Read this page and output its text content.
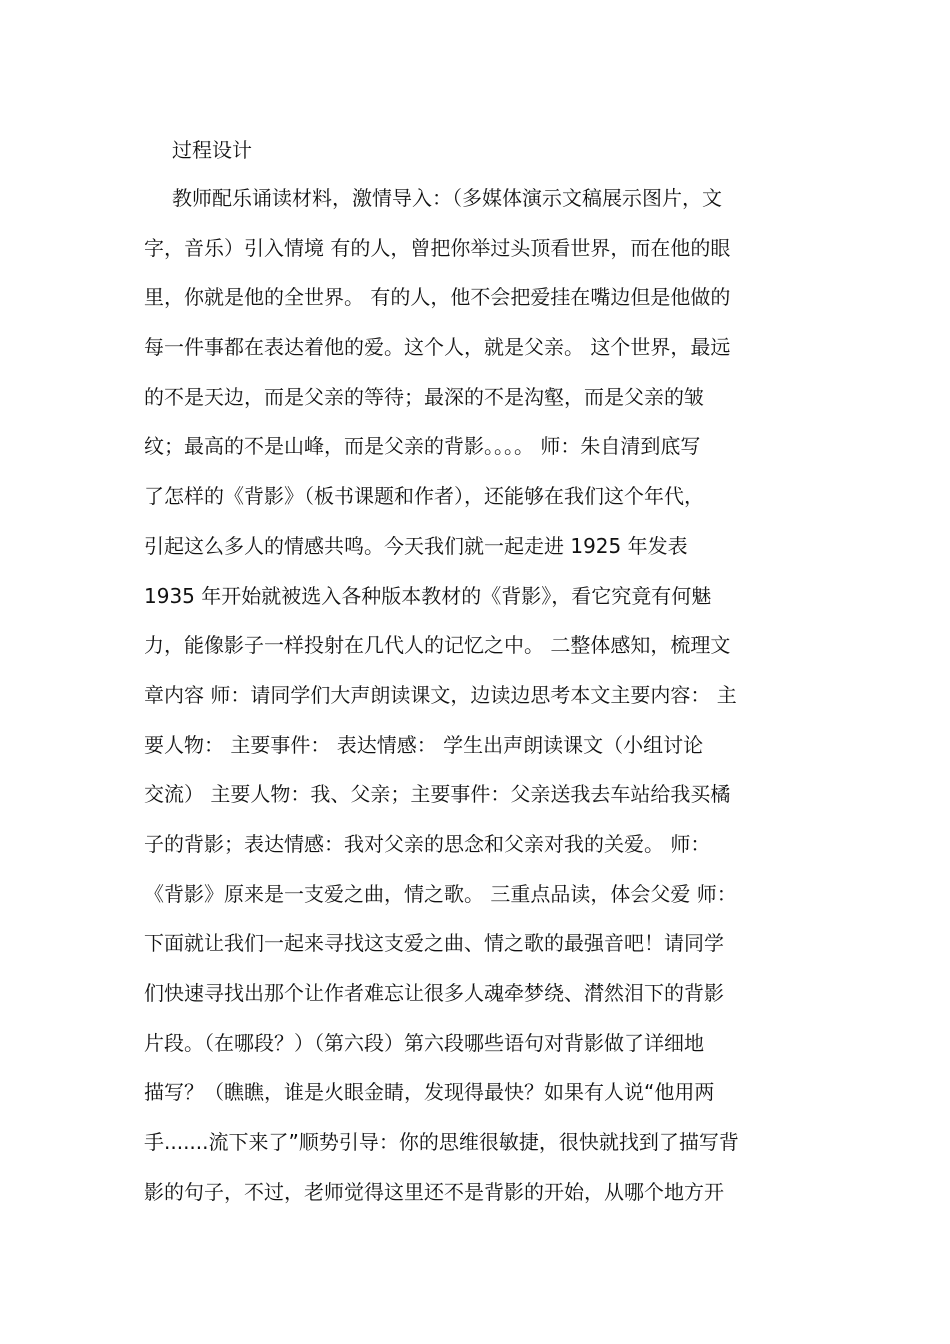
过程设计
教师配乐诵读材料，激情导入：（多媒体演示文稿展示图片，文
字，音乐）引入情境 有的人，曾把你举过头顶看世界，而在他的眼
里，你就是他的全世界。 有的人，他不会把爱挂在嘴边但是他做的
每一件事都在表达着他的爱。这个人，就是父亲。 这个世界，最远
的不是天边，而是父亲的等待；最深的不是沟壑，而是父亲的皱
纹；最高的不是山峰，而是父亲的背影。。。。 师：朱自清到底写
了怎样的《背影》（板书课题和作者），还能够在我们这个年代，
引起这么多人的情感共鸣。今天我们就一起走进 1925 年发表
1935 年开始就被选入各种版本教材的《背影》，看它究竟有何魅
力，能像影子一样投射在几代人的记忆之中。 二整体感知，梳理文
章内容 师：请同学们大声朗读课文，边读边思考本文主要内容： 主
要人物： 主要事件： 表达情感： 学生出声朗读课文（小组讨论
交流） 主要人物：我、父亲；主要事件：父亲送我去车站给我买橘
子的背影；表达情感：我对父亲的思念和父亲对我的关爱。 师：
《背影》原来是一支爱之曲，情之歌。 三重点品读，体会父爱 师：
下面就让我们一起来寻找这支爱之曲、情之歌的最强音吧！请同学
们快速寻找出那个让作者难忘让很多人魂牵梦绕、潸然泪下的背影
片段。（在哪段？）（第六段）第六段哪些语句对背影做了详细地
描写？（瞧瞧，谁是火眼金睛，发现得最快？如果有人说“他用两
手.......流下来了”顺势引导：你的思维很敏捷，很快就找到了描写背
影的句子，不过，老师觉得这里还不是背影的开始，从哪个地方开
